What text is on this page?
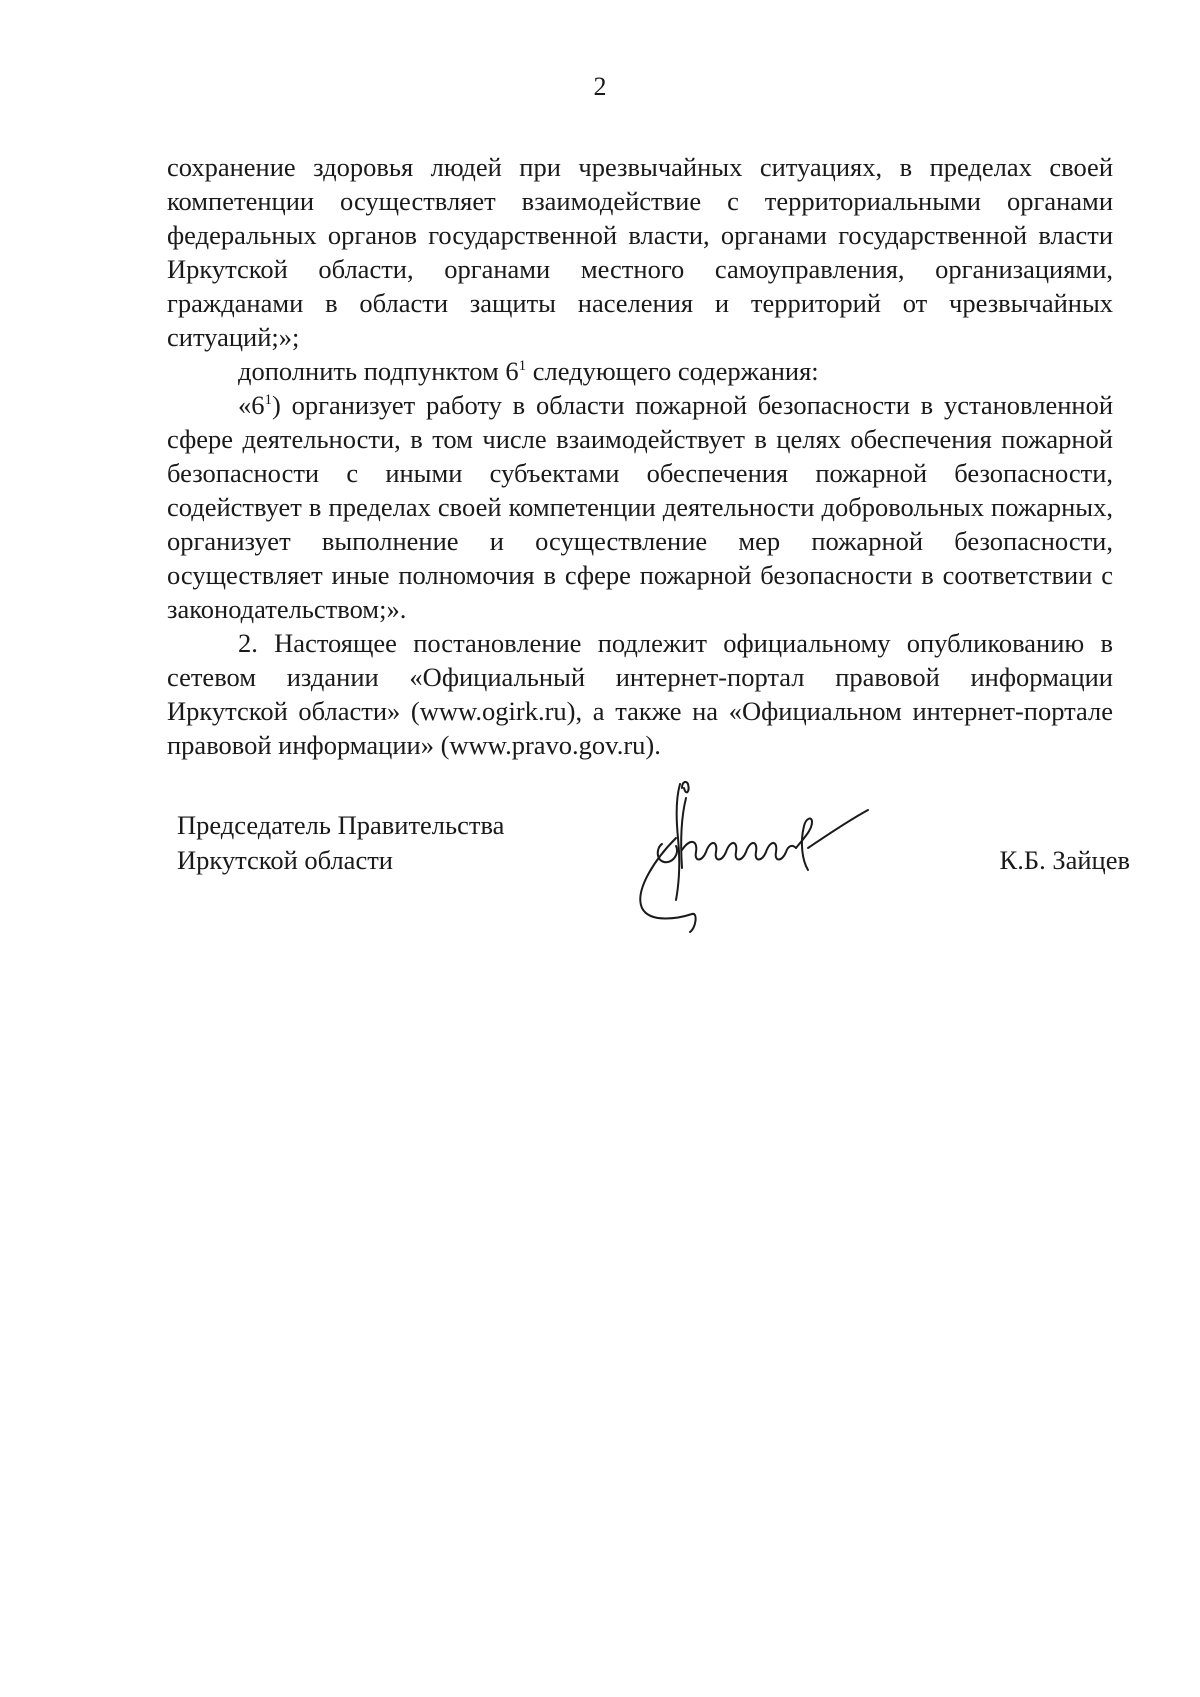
2

сохранение здоровья людей при чрезвычайных ситуациях, в пределах своей компетенции осуществляет взаимодействие с территориальными органами федеральных органов государственной власти, органами государственной власти Иркутской области, органами местного самоуправления, организациями, гражданами в области защиты населения и территорий от чрезвычайных ситуаций;»;

дополнить подпунктом $6^1$ следующего содержания:

«$6^1$) организует работу в области пожарной безопасности в установленной сфере деятельности, в том числе взаимодействует в целях обеспечения пожарной безопасности с иными субъектами обеспечения пожарной безопасности, содействует в пределах своей компетенции деятельности добровольных пожарных, организует выполнение и осуществление мер пожарной безопасности, осуществляет иные полномочия в сфере пожарной безопасности в соответствии с законодательством;».

2. Настоящее постановление подлежит официальному опубликованию в сетевом издании «Официальный интернет-портал правовой информации Иркутской области» (www.ogirk.ru), а также на «Официальном интернет-портале правовой информации» (www.pravo.gov.ru).

Председатель Правительства
Иркутской области	К.Б. Зайцев
